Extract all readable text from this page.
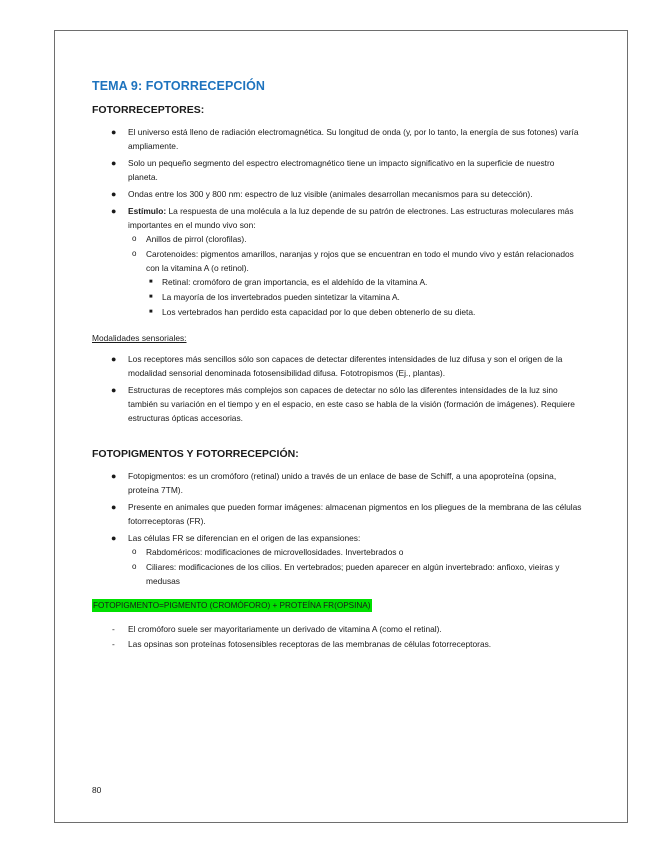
TEMA 9: FOTORRECEPCIÓN
FOTORRECEPTORES:
● El universo está lleno de radiación electromagnética. Su longitud de onda (y, por lo tanto, la energía de sus fotones) varía ampliamente.
● Solo un pequeño segmento del espectro electromagnético tiene un impacto significativo en la superficie de nuestro planeta.
● Ondas entre los 300 y 800 nm: espectro de luz visible (animales desarrollan mecanismos para su detección).
● Estímulo: La respuesta de una molécula a la luz depende de su patrón de electrones. Las estructuras moleculares más importantes en el mundo vivo son:
o Anillos de pirrol (clorofilas).
o Carotenoides: pigmentos amarillos, naranjas y rojos que se encuentran en todo el mundo vivo y están relacionados con la vitamina A (o retinol).
■ Retinal: cromóforo de gran importancia, es el aldehído de la vitamina A.
■ La mayoría de los invertebrados pueden sintetizar la vitamina A.
■ Los vertebrados han perdido esta capacidad por lo que deben obtenerlo de su dieta.
Modalidades sensoriales:
● Los receptores más sencillos sólo son capaces de detectar diferentes intensidades de luz difusa y son el origen de la modalidad sensorial denominada fotosensibilidad difusa. Fototropismos (Ej., plantas).
● Estructuras de receptores más complejos son capaces de detectar no sólo las diferentes intensidades de la luz sino también su variación en el tiempo y en el espacio, en este caso se habla de la visión (formación de imágenes). Requiere estructuras ópticas accesorias.
FOTOPIGMENTOS Y FOTORRECEPCIÓN:
● Fotopigmentos: es un cromóforo (retinal) unido a través de un enlace de base de Schiff, a una apoproteína (opsina, proteína 7TM).
● Presente en animales que pueden formar imágenes: almacenan pigmentos en los pliegues de la membrana de las células fotorreceptoras (FR).
● Las células FR se diferencian en el origen de las expansiones:
o Rabdoméricos: modificaciones de microvellosidades. Invertebrados o
o Ciliares: modificaciones de los cilios. En vertebrados; pueden aparecer en algún invertebrado: anfioxo, vieiras y medusas
FOTOPIGMENTO=PIGMENTO (CROMÓFORO) + PROTEÍNA FR(OPSINA)
- El cromóforo suele ser mayoritariamente un derivado de vitamina A (como el retinal).
- Las opsinas son proteínas fotosensibles receptoras de las membranas de células fotorreceptoras.
80
